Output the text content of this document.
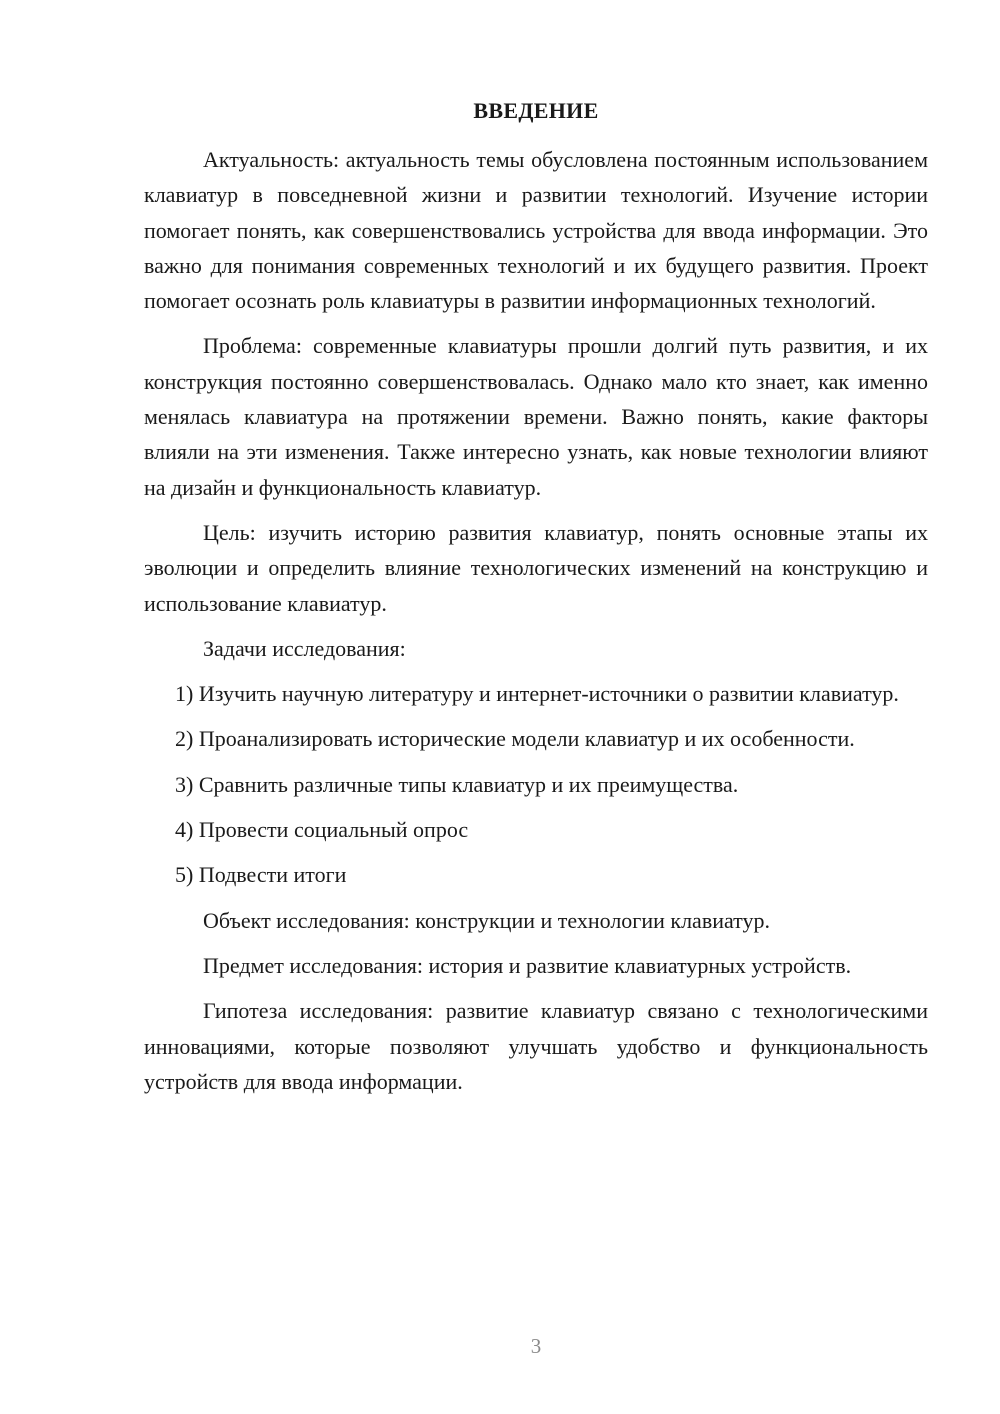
ВВЕДЕНИЕ

Актуальность: актуальность темы обусловлена постоянным использованием клавиатур в повседневной жизни и развитии технологий. Изучение истории помогает понять, как совершенствовались устройства для ввода информации. Это важно для понимания современных технологий и их будущего развития. Проект помогает осознать роль клавиатуры в развитии информационных технологий.

Проблема: современные клавиатуры прошли долгий путь развития, и их конструкция постоянно совершенствовалась. Однако мало кто знает, как именно менялась клавиатура на протяжении времени. Важно понять, какие факторы влияли на эти изменения. Также интересно узнать, как новые технологии влияют на дизайн и функциональность клавиатур.

Цель: изучить историю развития клавиатур, понять основные этапы их эволюции и определить влияние технологических изменений на конструкцию и использование клавиатур.

Задачи исследования:

1) Изучить научную литературу и интернет-источники о развитии клавиатур.

2) Проанализировать исторические модели клавиатур и их особенности.

3) Сравнить различные типы клавиатур и их преимущества.

4) Провести социальный опрос

5) Подвести итоги

Объект исследования: конструкции и технологии клавиатур.

Предмет исследования: история и развитие клавиатурных устройств.

Гипотеза исследования: развитие клавиатур связано с технологическими инновациями, которые позволяют улучшать удобство и функциональность устройств для ввода информации.

3
